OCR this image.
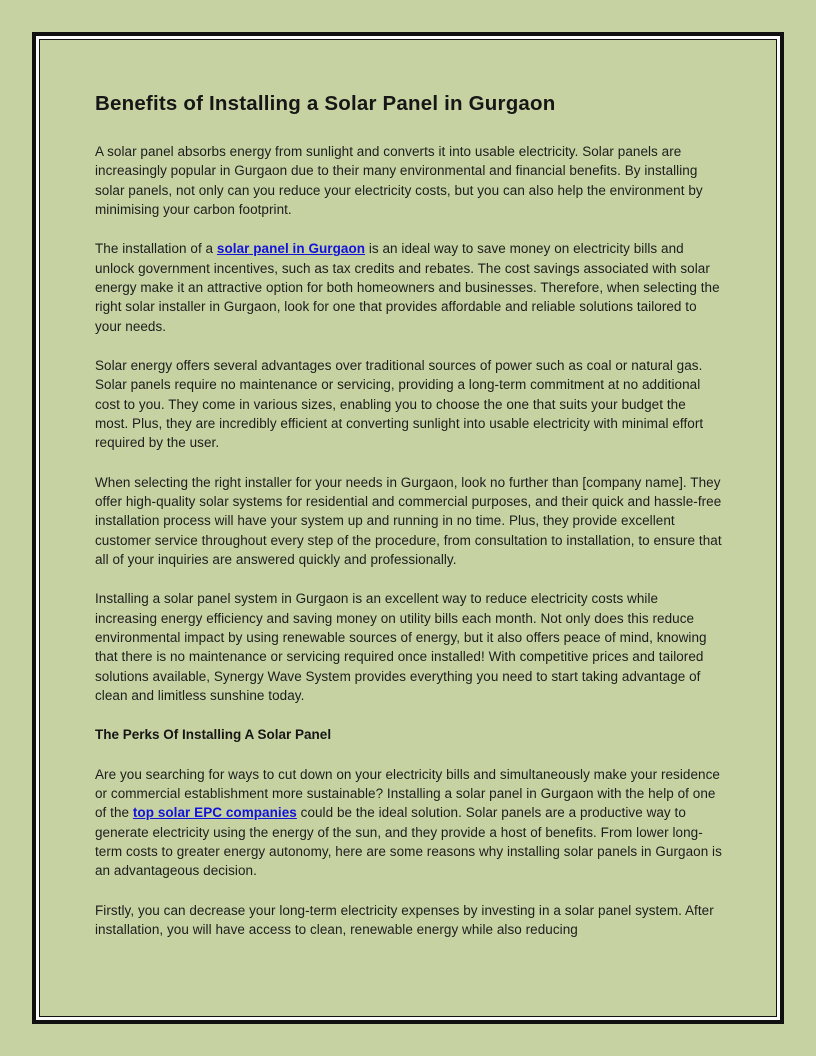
Benefits of Installing a Solar Panel in Gurgaon

A solar panel absorbs energy from sunlight and converts it into usable electricity. Solar panels are increasingly popular in Gurgaon due to their many environmental and financial benefits. By installing solar panels, not only can you reduce your electricity costs, but you can also help the environment by minimising your carbon footprint.

The installation of a solar panel in Gurgaon is an ideal way to save money on electricity bills and unlock government incentives, such as tax credits and rebates. The cost savings associated with solar energy make it an attractive option for both homeowners and businesses. Therefore, when selecting the right solar installer in Gurgaon, look for one that provides affordable and reliable solutions tailored to your needs.

Solar energy offers several advantages over traditional sources of power such as coal or natural gas. Solar panels require no maintenance or servicing, providing a long-term commitment at no additional cost to you. They come in various sizes, enabling you to choose the one that suits your budget the most. Plus, they are incredibly efficient at converting sunlight into usable electricity with minimal effort required by the user.

When selecting the right installer for your needs in Gurgaon, look no further than [company name]. They offer high-quality solar systems for residential and commercial purposes, and their quick and hassle-free installation process will have your system up and running in no time. Plus, they provide excellent customer service throughout every step of the procedure, from consultation to installation, to ensure that all of your inquiries are answered quickly and professionally.

Installing a solar panel system in Gurgaon is an excellent way to reduce electricity costs while increasing energy efficiency and saving money on utility bills each month. Not only does this reduce environmental impact by using renewable sources of energy, but it also offers peace of mind, knowing that there is no maintenance or servicing required once installed! With competitive prices and tailored solutions available, Synergy Wave System provides everything you need to start taking advantage of clean and limitless sunshine today.

The Perks Of Installing A Solar Panel

Are you searching for ways to cut down on your electricity bills and simultaneously make your residence or commercial establishment more sustainable? Installing a solar panel in Gurgaon with the help of one of the top solar EPC companies could be the ideal solution. Solar panels are a productive way to generate electricity using the energy of the sun, and they provide a host of benefits. From lower long-term costs to greater energy autonomy, here are some reasons why installing solar panels in Gurgaon is an advantageous decision.

Firstly, you can decrease your long-term electricity expenses by investing in a solar panel system. After installation, you will have access to clean, renewable energy while also reducing
